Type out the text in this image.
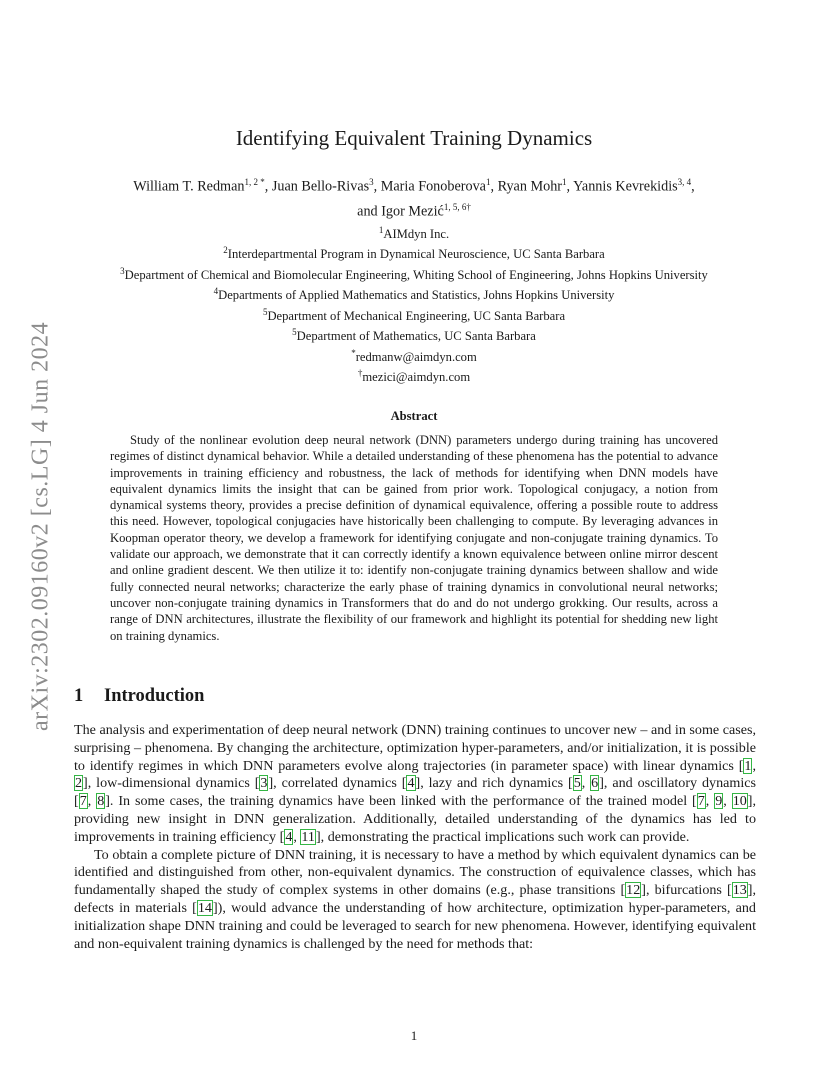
arXiv:2302.09160v2 [cs.LG] 4 Jun 2024
Identifying Equivalent Training Dynamics
William T. Redman$^{1, 2 *}$, Juan Bello-Rivas$^3$, Maria Fonoberova$^1$, Ryan Mohr$^1$, Yannis Kevrekidis$^{3, 4}$,
and Igor Mezić$^{1, 5, 6\dagger}$
$^1$AIMdyn Inc.
$^2$Interdepartmental Program in Dynamical Neuroscience, UC Santa Barbara
$^3$Department of Chemical and Biomolecular Engineering, Whiting School of Engineering, Johns Hopkins University
$^4$Departments of Applied Mathematics and Statistics, Johns Hopkins University
$^5$Department of Mechanical Engineering, UC Santa Barbara
$^5$Department of Mathematics, UC Santa Barbara
*redmanw@aimdyn.com
†mezici@aimdyn.com
Abstract

Study of the nonlinear evolution deep neural network (DNN) parameters undergo during training has uncovered regimes of distinct dynamical behavior. While a detailed understanding of these phenomena has the potential to advance improvements in training efficiency and robustness, the lack of methods for identifying when DNN models have equivalent dynamics limits the insight that can be gained from prior work. Topological conjugacy, a notion from dynamical systems theory, provides a precise definition of dynamical equivalence, offering a possible route to address this need. However, topological conjugacies have historically been challenging to compute. By leveraging advances in Koopman operator theory, we develop a framework for identifying conjugate and non-conjugate training dynamics. To validate our approach, we demonstrate that it can correctly identify a known equivalence between online mirror descent and online gradient descent. We then utilize it to: identify non-conjugate training dynamics between shallow and wide fully connected neural networks; characterize the early phase of training dynamics in convolutional neural networks; uncover non-conjugate training dynamics in Transformers that do and do not undergo grokking. Our results, across a range of DNN architectures, illustrate the flexibility of our framework and highlight its potential for shedding new light on training dynamics.

1 Introduction

The analysis and experimentation of deep neural network (DNN) training continues to uncover new – and in some cases, surprising – phenomena. By changing the architecture, optimization hyper-parameters, and/or initialization, it is possible to identify regimes in which DNN parameters evolve along trajectories (in parameter space) with linear dynamics [1, 2], low-dimensional dynamics [3], correlated dynamics [4], lazy and rich dynamics [5, 6], and oscillatory dynamics [7, 8]. In some cases, the training dynamics have been linked with the performance of the trained model [7, 9, 10], providing new insight in DNN generalization. Additionally, detailed understanding of the dynamics has led to improvements in training efficiency [4, 11], demonstrating the practical implications such work can provide.

To obtain a complete picture of DNN training, it is necessary to have a method by which equivalent dynamics can be identified and distinguished from other, non-equivalent dynamics. The construction of equivalence classes, which has fundamentally shaped the study of complex systems in other domains (e.g., phase transitions [12], bifurcations [13], defects in materials [14]), would advance the understanding of how architecture, optimization hyper-parameters, and initialization shape DNN training and could be leveraged to search for new phenomena. However, identifying equivalent and non-equivalent training dynamics is challenged by the need for methods that:

1
